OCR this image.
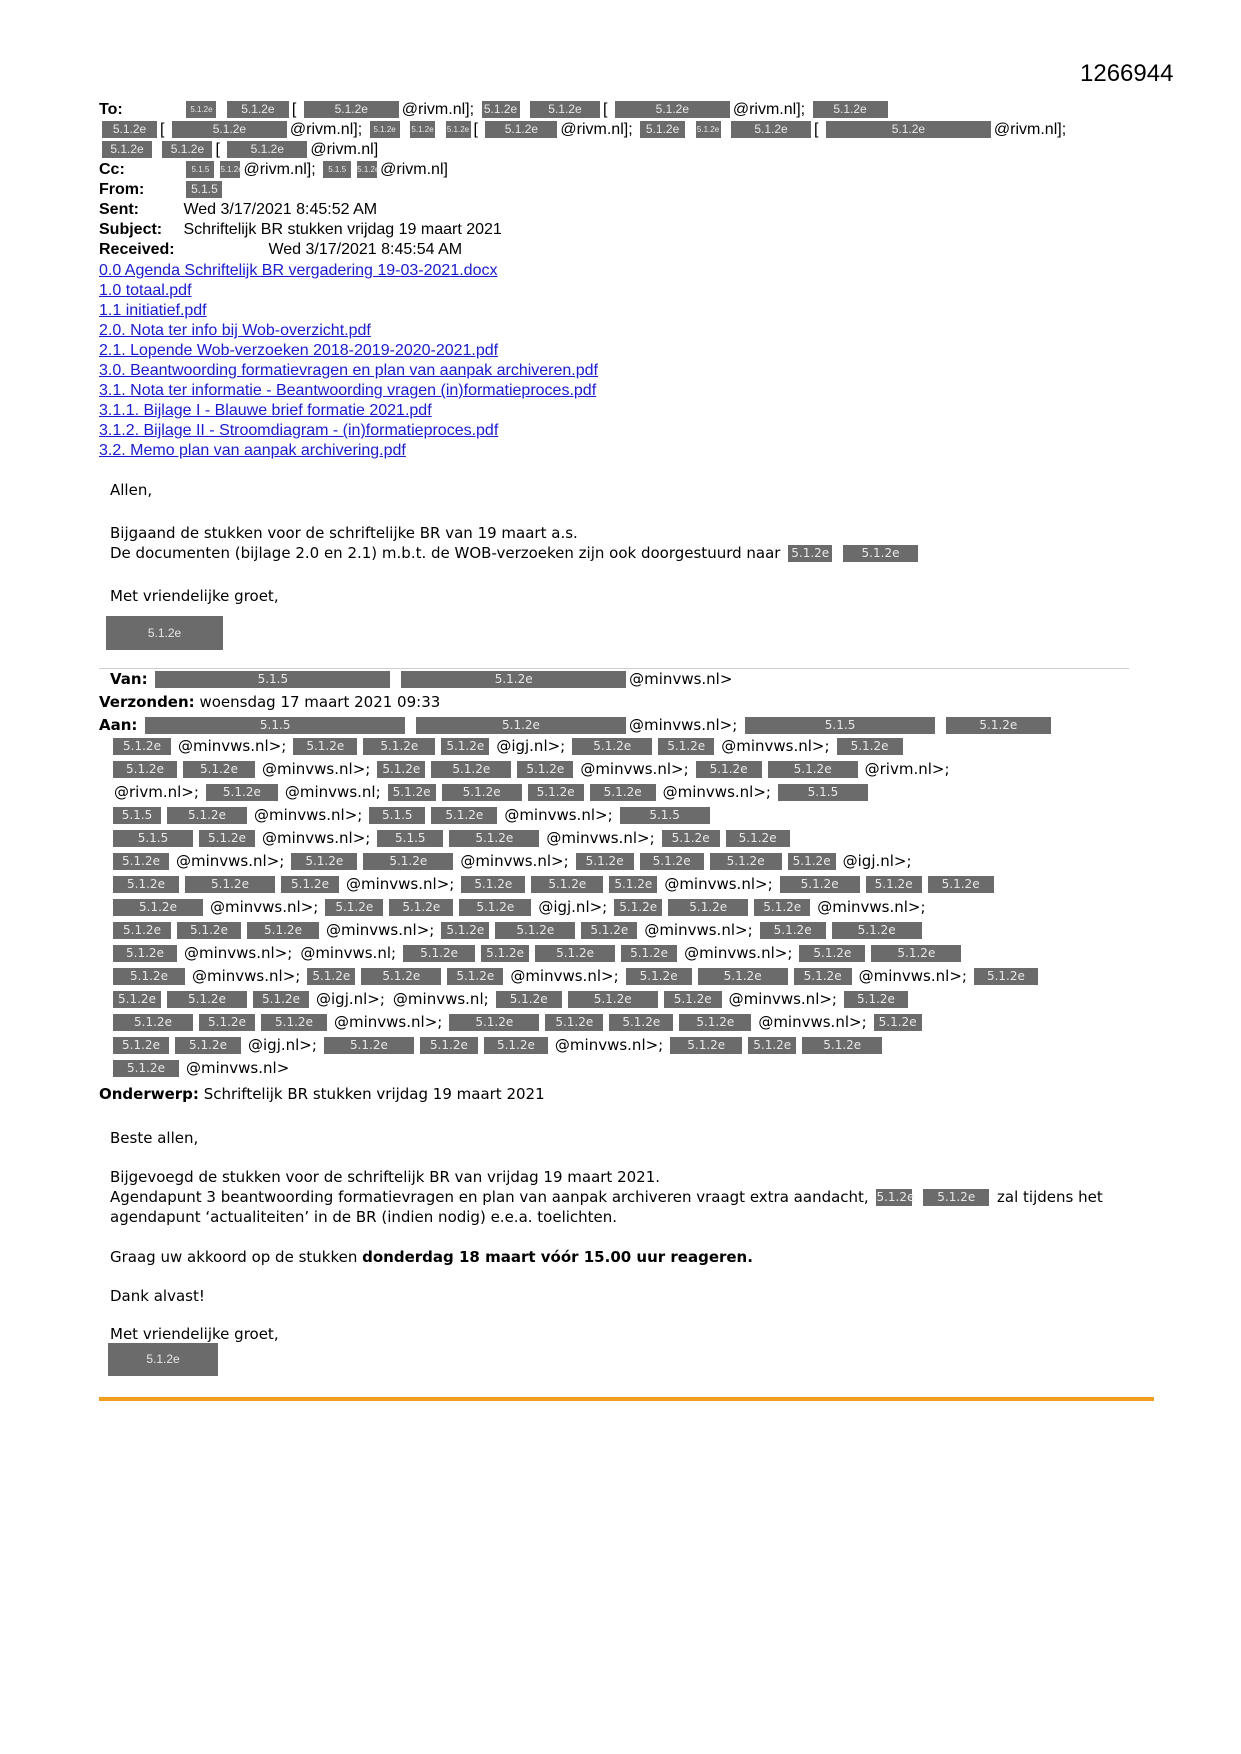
1266944
To:	5.1.2e 5.1.2e [	5.1.2e @rivm.nl]; 5.1.2e	5.1.2e [	5.1.2e	@rivm.nl]; 5.1.2e
5.1.2e [	5.1.2e	@rivm.nl]; 5.1.2e 5.1.2e 5.1.2e [ 5.1.2e @rivm.nl]; 5.1.2e 5.1.2e	5.1.2e [	5.1.2e	@rivm.nl];
5.1.2e 5.1.2e [ 5.1.2e @rivm.nl]
Cc:	5.1.5 5.1.2e@rivm.nl]; 5.1.5 5.1.2e@rivm.nl]
From:	5.1.5
Sent:	Wed 3/17/2021 8:45:52 AM
Subject: Schriftelijk BR stukken vrijdag 19 maart 2021
Received:	Wed 3/17/2021 8:45:54 AM
0.0 Agenda Schriftelijk BR vergadering 19-03-2021.docx
1.0 totaal.pdf
1.1 initiatief.pdf
2.0. Nota ter info bij Wob-overzicht.pdf
2.1. Lopende Wob-verzoeken 2018-2019-2020-2021.pdf
3.0. Beantwoording formatievragen en plan van aanpak archiveren.pdf
3.1. Nota ter informatie - Beantwoording vragen (in)formatieproces.pdf
3.1.1. Bijlage I - Blauwe brief formatie 2021.pdf
3.1.2. Bijlage II - Stroomdiagram - (in)formatieproces.pdf
3.2. Memo plan van aanpak archivering.pdf
Allen,
Bijgaand de stukken voor de schriftelijke BR van 19 maart a.s.
De documenten (bijlage 2.0 en 2.1) m.b.t. de WOB-verzoeken zijn ook doorgestuurd naar 5.1.2e	5.1.2e
Met vriendelijke groet,
5.1.2e
Van:	5.1.5	5.1.2e	@minvws.nl>
Verzonden: woensdag 17 maart 2021 09:33
Aan:	5.1.5	5.1.2e	@minvws.nl>;	5.1.5	5.1.2e
5.1.2e @minvws.nl>; 5.1.2e	5.1.2e 5.1.2e @igj.nl>; 5.1.2e	5.1.2e @minvws.nl>; 5.1.2e
5.1.2e	5.1.2e @minvws.nl>; 5.1.2e	5.1.2e	5.1.2e @minvws.nl>; 5.1.2e	5.1.2e @rivm.nl>;
@rivm.nl>; 5.1.2e @minvws.nl; 5.1.2e	5.1.2e	5.1.2e 5.1.2e @minvws.nl>;	5.1.5
5.1.5	5.1.2e @minvws.nl>; 5.1.5	5.1.2e @minvws.nl>;	5.1.5
5.1.5	5.1.2e @minvws.nl>; 5.1.5	5.1.2e @minvws.nl>; 5.1.2e 5.1.2e
5.1.2e @minvws.nl>; 5.1.2e	5.1.2e @minvws.nl>; 5.1.2e 5.1.2e	5.1.2e 5.1.2e @igj.nl>;
5.1.2e	5.1.2e	5.1.2e @minvws.nl>; 5.1.2e	5.1.2e 5.1.2e @minvws.nl>; 5.1.2e	5.1.2e 5.1.2e
5.1.2e @minvws.nl>; 5.1.2e 5.1.2e	5.1.2e @igj.nl>; 5.1.2e	5.1.2e	5.1.2e @minvws.nl>;
5.1.2e 5.1.2e	5.1.2e @minvws.nl>; 5.1.2e	5.1.2e	5.1.2e @minvws.nl>; 5.1.2e	5.1.2e
5.1.2e @minvws.nl>; @minvws.nl; 5.1.2e 5.1.2e	5.1.2e	5.1.2e @minvws.nl>; 5.1.2e	5.1.2e
5.1.2e @minvws.nl>; 5.1.2e	5.1.2e	5.1.2e @minvws.nl>; 5.1.2e	5.1.2e	5.1.2e @minvws.nl>; 5.1.2e
5.1.2e	5.1.2e	5.1.2e @igj.nl>; @minvws.nl; 5.1.2e	5.1.2e	5.1.2e @minvws.nl>; 5.1.2e
5.1.2e	5.1.2e 5.1.2e @minvws.nl>;	5.1.2e	5.1.2e 5.1.2e	5.1.2e @minvws.nl>; 5.1.2e
5.1.2e 5.1.2e @igj.nl>;	5.1.2e	5.1.2e 5.1.2e @minvws.nl>; 5.1.2e 5.1.2e	5.1.2e
5.1.2e @minvws.nl>
Onderwerp: Schriftelijk BR stukken vrijdag 19 maart 2021
Beste allen,
Bijgevoegd de stukken voor de schriftelijk BR van vrijdag 19 maart 2021.
Agendapunt 3 beantwoording formatievragen en plan van aanpak archiveren vraagt extra aandacht, 5.1.2e 5.1.2e zal tijdens het
agendapunt ‘actualiteiten’ in de BR (indien nodig) e.e.a. toelichten.
Graag uw akkoord op de stukken donderdag 18 maart vóór 15.00 uur reageren.
Dank alvast!
Met vriendelijke groet,
5.1.2e
